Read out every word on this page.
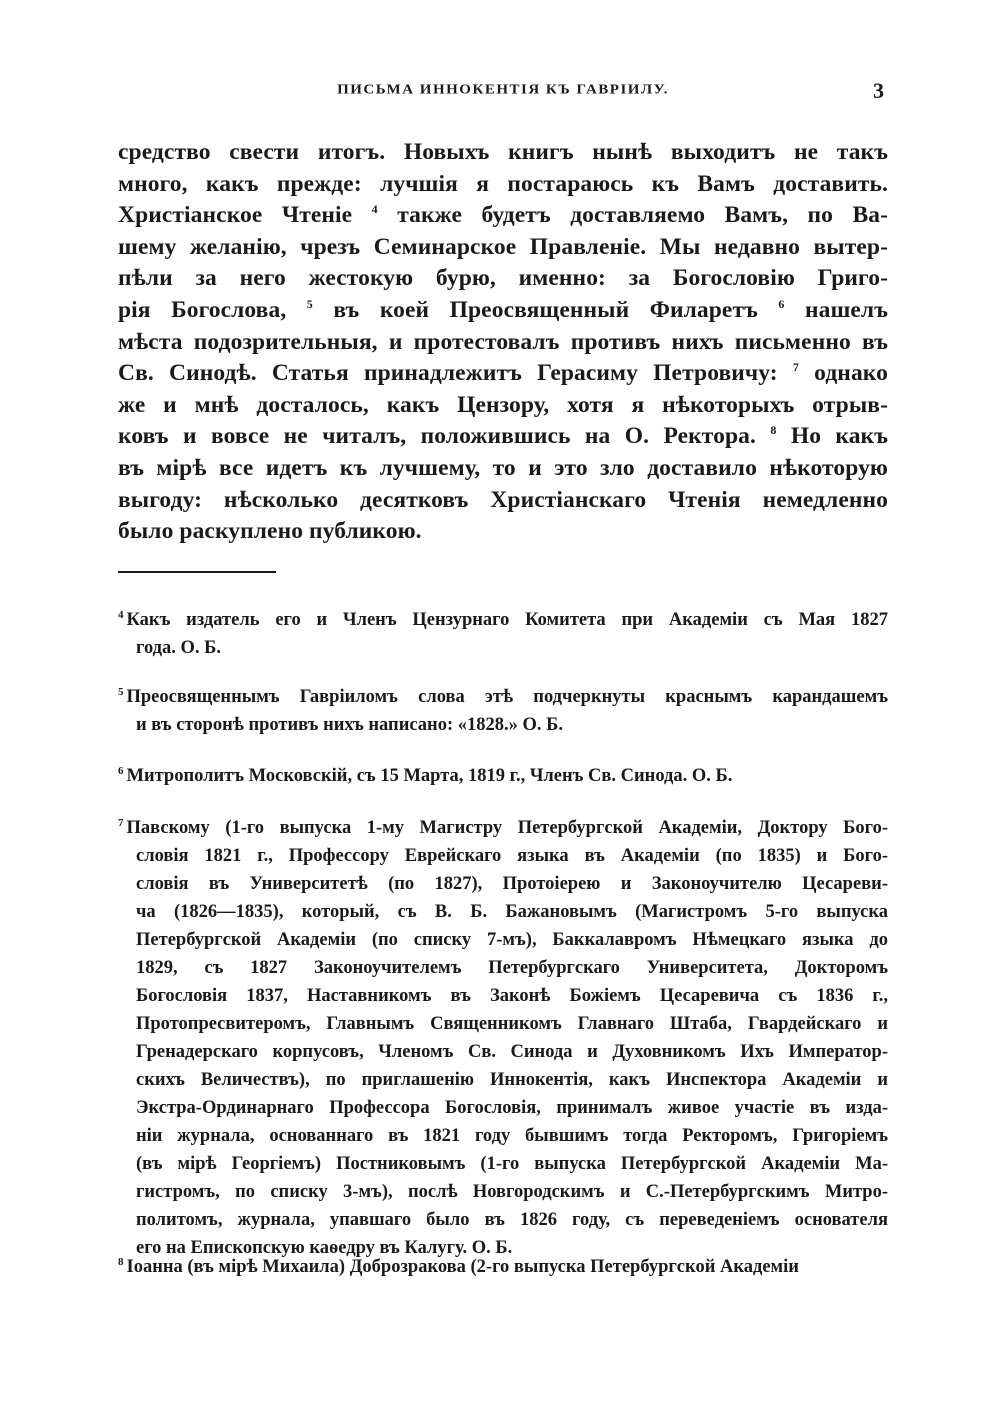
ПИСЬМА ИННОКЕНТІЯ КЪ ГАВРІИЛУ.	3
средство свести итогъ. Новыхъ книгъ нынѣ выходитъ не такъ
много, какъ прежде: лучшія я постараюсь къ Вамъ доставить.
Христіанское Чтеніе $^4$ также будетъ доставляемо Вамъ, по Ва-
шему желанію, чрезъ Семинарское Правленіе. Мы недавно вытер-
пѣли за него жестокую бурю, именно: за Богословію Григо-
рія Богослова, $^5$ въ коей Преосвященный Филаретъ $^6$ нашелъ
мѣста подозрительныя, и протестовалъ противъ нихъ письменно въ
Св. Синодѣ. Статья принадлежитъ Герасиму Петровичу: $^7$ однако
же и мнѣ досталось, какъ Цензору, хотя я нѣкоторыхъ отрыв-
ковъ и вовсе не читалъ, положившись на О. Ректора. $^8$ Но какъ
въ мірѣ все идетъ къ лучшему, то и это зло доставило нѣкоторую
выгоду: нѣсколько десятковъ Христіанскаго Чтенія немедленно
было раскуплено публикою.
$^4$ Какъ издатель его и Членъ Цензурнаго Комитета при Академіи съ Мая 1827
года. О. Б.
$^5$ Преосвященнымъ Гавріиломъ слова этѣ подчеркнуты краснымъ карандашемъ
и въ сторонѣ противъ нихъ написано: «1828.» О. Б.
$^6$ Митрополитъ Московскій, съ 15 Марта, 1819 г., Членъ Св. Синода. О. Б.
$^7$ Павскому (1-го выпуска 1-му Магистру Петербургской Академіи, Доктору Бого-
словія 1821 г., Профессору Еврейскаго языка въ Академіи (по 1835) и Бого-
словія въ Университетѣ (по 1827), Протоіерею и Законоучителю Цесареви-
ча (1826—1835), который, съ В. Б. Бажановымъ (Магистромъ 5-го выпуска
Петербургской Академіи (по списку 7-мъ), Баккалавромъ Нѣмецкаго языка до
1829, съ 1827 Законоучителемъ Петербургскаго Университета, Докторомъ
Богословія 1837, Наставникомъ въ Законѣ Божіемъ Цесаревича съ 1836 г.,
Протопресвитеромъ, Главнымъ Священникомъ Главнаго Штаба, Гвардейскаго и
Гренадерскаго корпусовъ, Членомъ Св. Синода и Духовникомъ Ихъ Император-
скихъ Величествъ), по приглашенію Иннокентія, какъ Инспектора Академіи и
Экстра-Ординарнаго Профессора Богословія, принималъ живое участіе въ изда-
ніи журнала, основаннаго въ 1821 году бывшимъ тогда Ректоромъ, Григоріемъ
(въ мірѣ Георгіемъ) Постниковымъ (1-го выпуска Петербургской Академіи Ма-
гистромъ, по списку 3-мъ), послѣ Новгородскимъ и С.-Петербургскимъ Митро-
политомъ, журнала, упавшаго было въ 1826 году, съ переведеніемъ основателя
его на Епископскую каѳедру въ Калугу. О. Б.
$^8$ Іоанна (въ мірѣ Михаила) Доброзракова (2-го выпуска Петербургской Академіи
